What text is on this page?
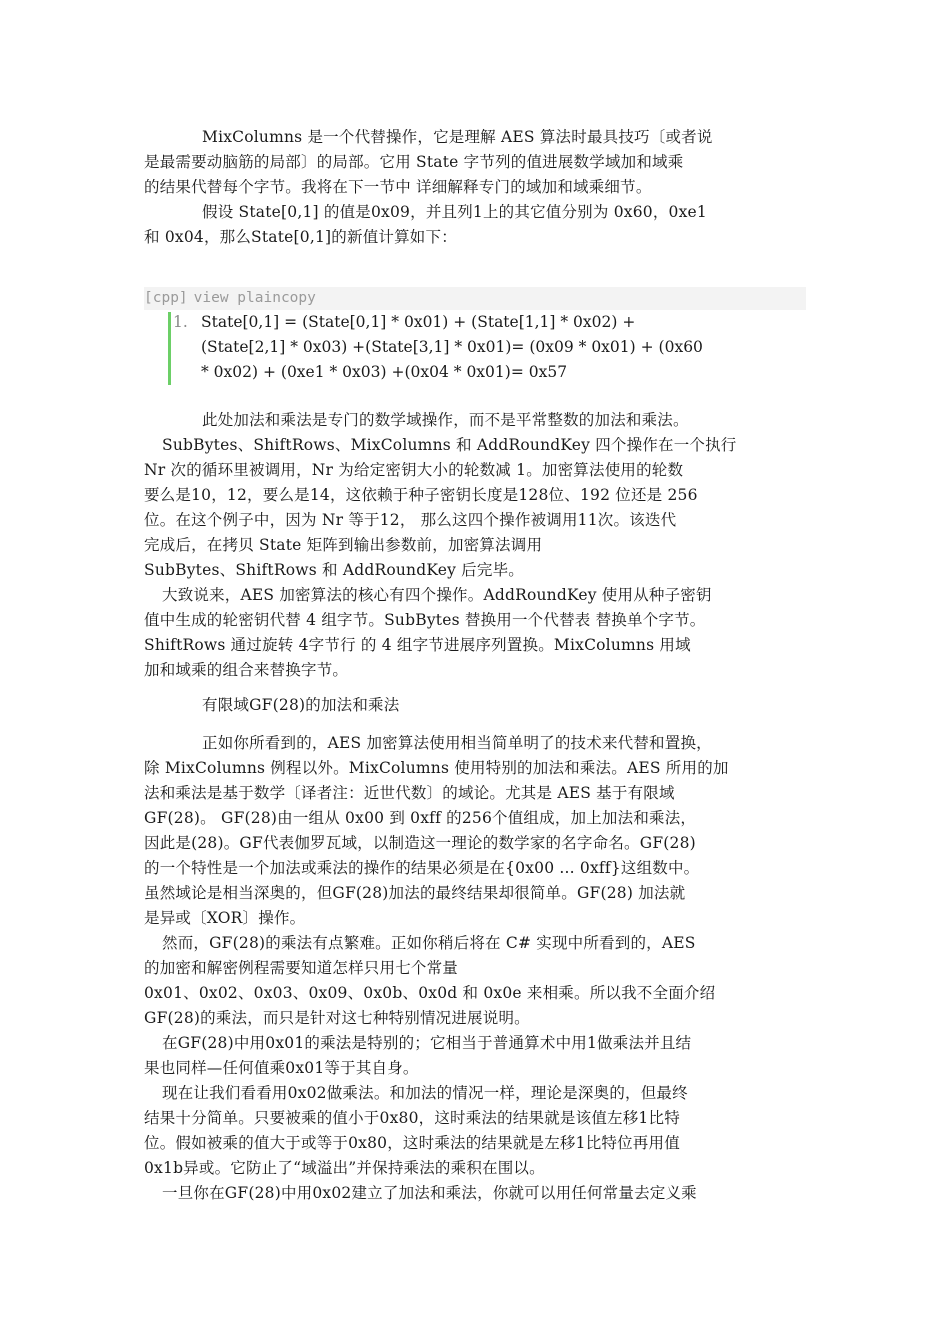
MixColumns 是一个代替操作，它是理解 AES 算法时最具技巧〔或者说
是最需要动脑筋的局部〕的局部。它用 State 字节列的值进展数学域加和域乘
的结果代替每个字节。我将在下一节中 详细解释专门的域加和域乘细节。
假设 State[0,1] 的值是0x09，并且列1上的其它值分别为 0x60，0xe1
和 0x04，那么State[0,1]的新值计算如下：
[cpp] view plaincopy
1. State[0,1] = (State[0,1] * 0x01) + (State[1,1] * 0x02) +
(State[2,1] * 0x03) +(State[3,1] * 0x01)= (0x09 * 0x01) + (0x60
* 0x02) + (0xe1 * 0x03) +(0x04 * 0x01)= 0x57
此处加法和乘法是专门的数学域操作，而不是平常整数的加法和乘法。
SubBytes、ShiftRows、MixColumns 和 AddRoundKey 四个操作在一个执行
Nr 次的循环里被调用，Nr 为给定密钥大小的轮数减 1。加密算法使用的轮数
要么是10，12，要么是14，这依赖于种子密钥长度是128位、192 位还是 256
位。在这个例子中，因为 Nr 等于12， 那么这四个操作被调用11次。该迭代
完成后，在拷贝 State 矩阵到输出参数前，加密算法调用
SubBytes、ShiftRows 和 AddRoundKey 后完毕。
大致说来，AES 加密算法的核心有四个操作。AddRoundKey 使用从种子密钥
值中生成的轮密钥代替 4 组字节。SubBytes 替换用一个代替表 替换单个字节。
ShiftRows 通过旋转 4字节行 的 4 组字节进展序列置换。MixColumns 用域
加和域乘的组合来替换字节。
有限域GF(28)的加法和乘法
正如你所看到的，AES 加密算法使用相当简单明了的技术来代替和置换，
除 MixColumns 例程以外。MixColumns 使用特别的加法和乘法。AES 所用的加
法和乘法是基于数学〔译者注：近世代数〕的域论。尤其是 AES 基于有限域
GF(28)。 GF(28)由一组从 0x00 到 0xff 的256个值组成，加上加法和乘法，
因此是(28)。GF代表伽罗瓦域，以制造这一理论的数学家的名字命名。GF(28)
的一个特性是一个加法或乘法的操作的结果必须是在{0x00 ... 0xff}这组数中。
虽然域论是相当深奥的，但GF(28)加法的最终结果却很简单。GF(28) 加法就
是异或〔XOR〕操作。
然而，GF(28)的乘法有点繁难。正如你稍后将在 C# 实现中所看到的，AES
的加密和解密例程需要知道怎样只用七个常量
0x01、0x02、0x03、0x09、0x0b、0x0d 和 0x0e 来相乘。所以我不全面介绍
GF(28)的乘法，而只是针对这七种特别情况进展说明。
在GF(28)中用0x01的乘法是特别的；它相当于普通算术中用1做乘法并且结
果也同样—任何值乘0x01等于其自身。
现在让我们看看用0x02做乘法。和加法的情况一样，理论是深奥的，但最终
结果十分简单。只要被乘的值小于0x80，这时乘法的结果就是该值左移1比特
位。假如被乘的值大于或等于0x80，这时乘法的结果就是左移1比特位再用值
0x1b异或。它防止了“域溢出”并保持乘法的乘积在围以。
一旦你在GF(28)中用0x02建立了加法和乘法，你就可以用任何常量去定义乘
